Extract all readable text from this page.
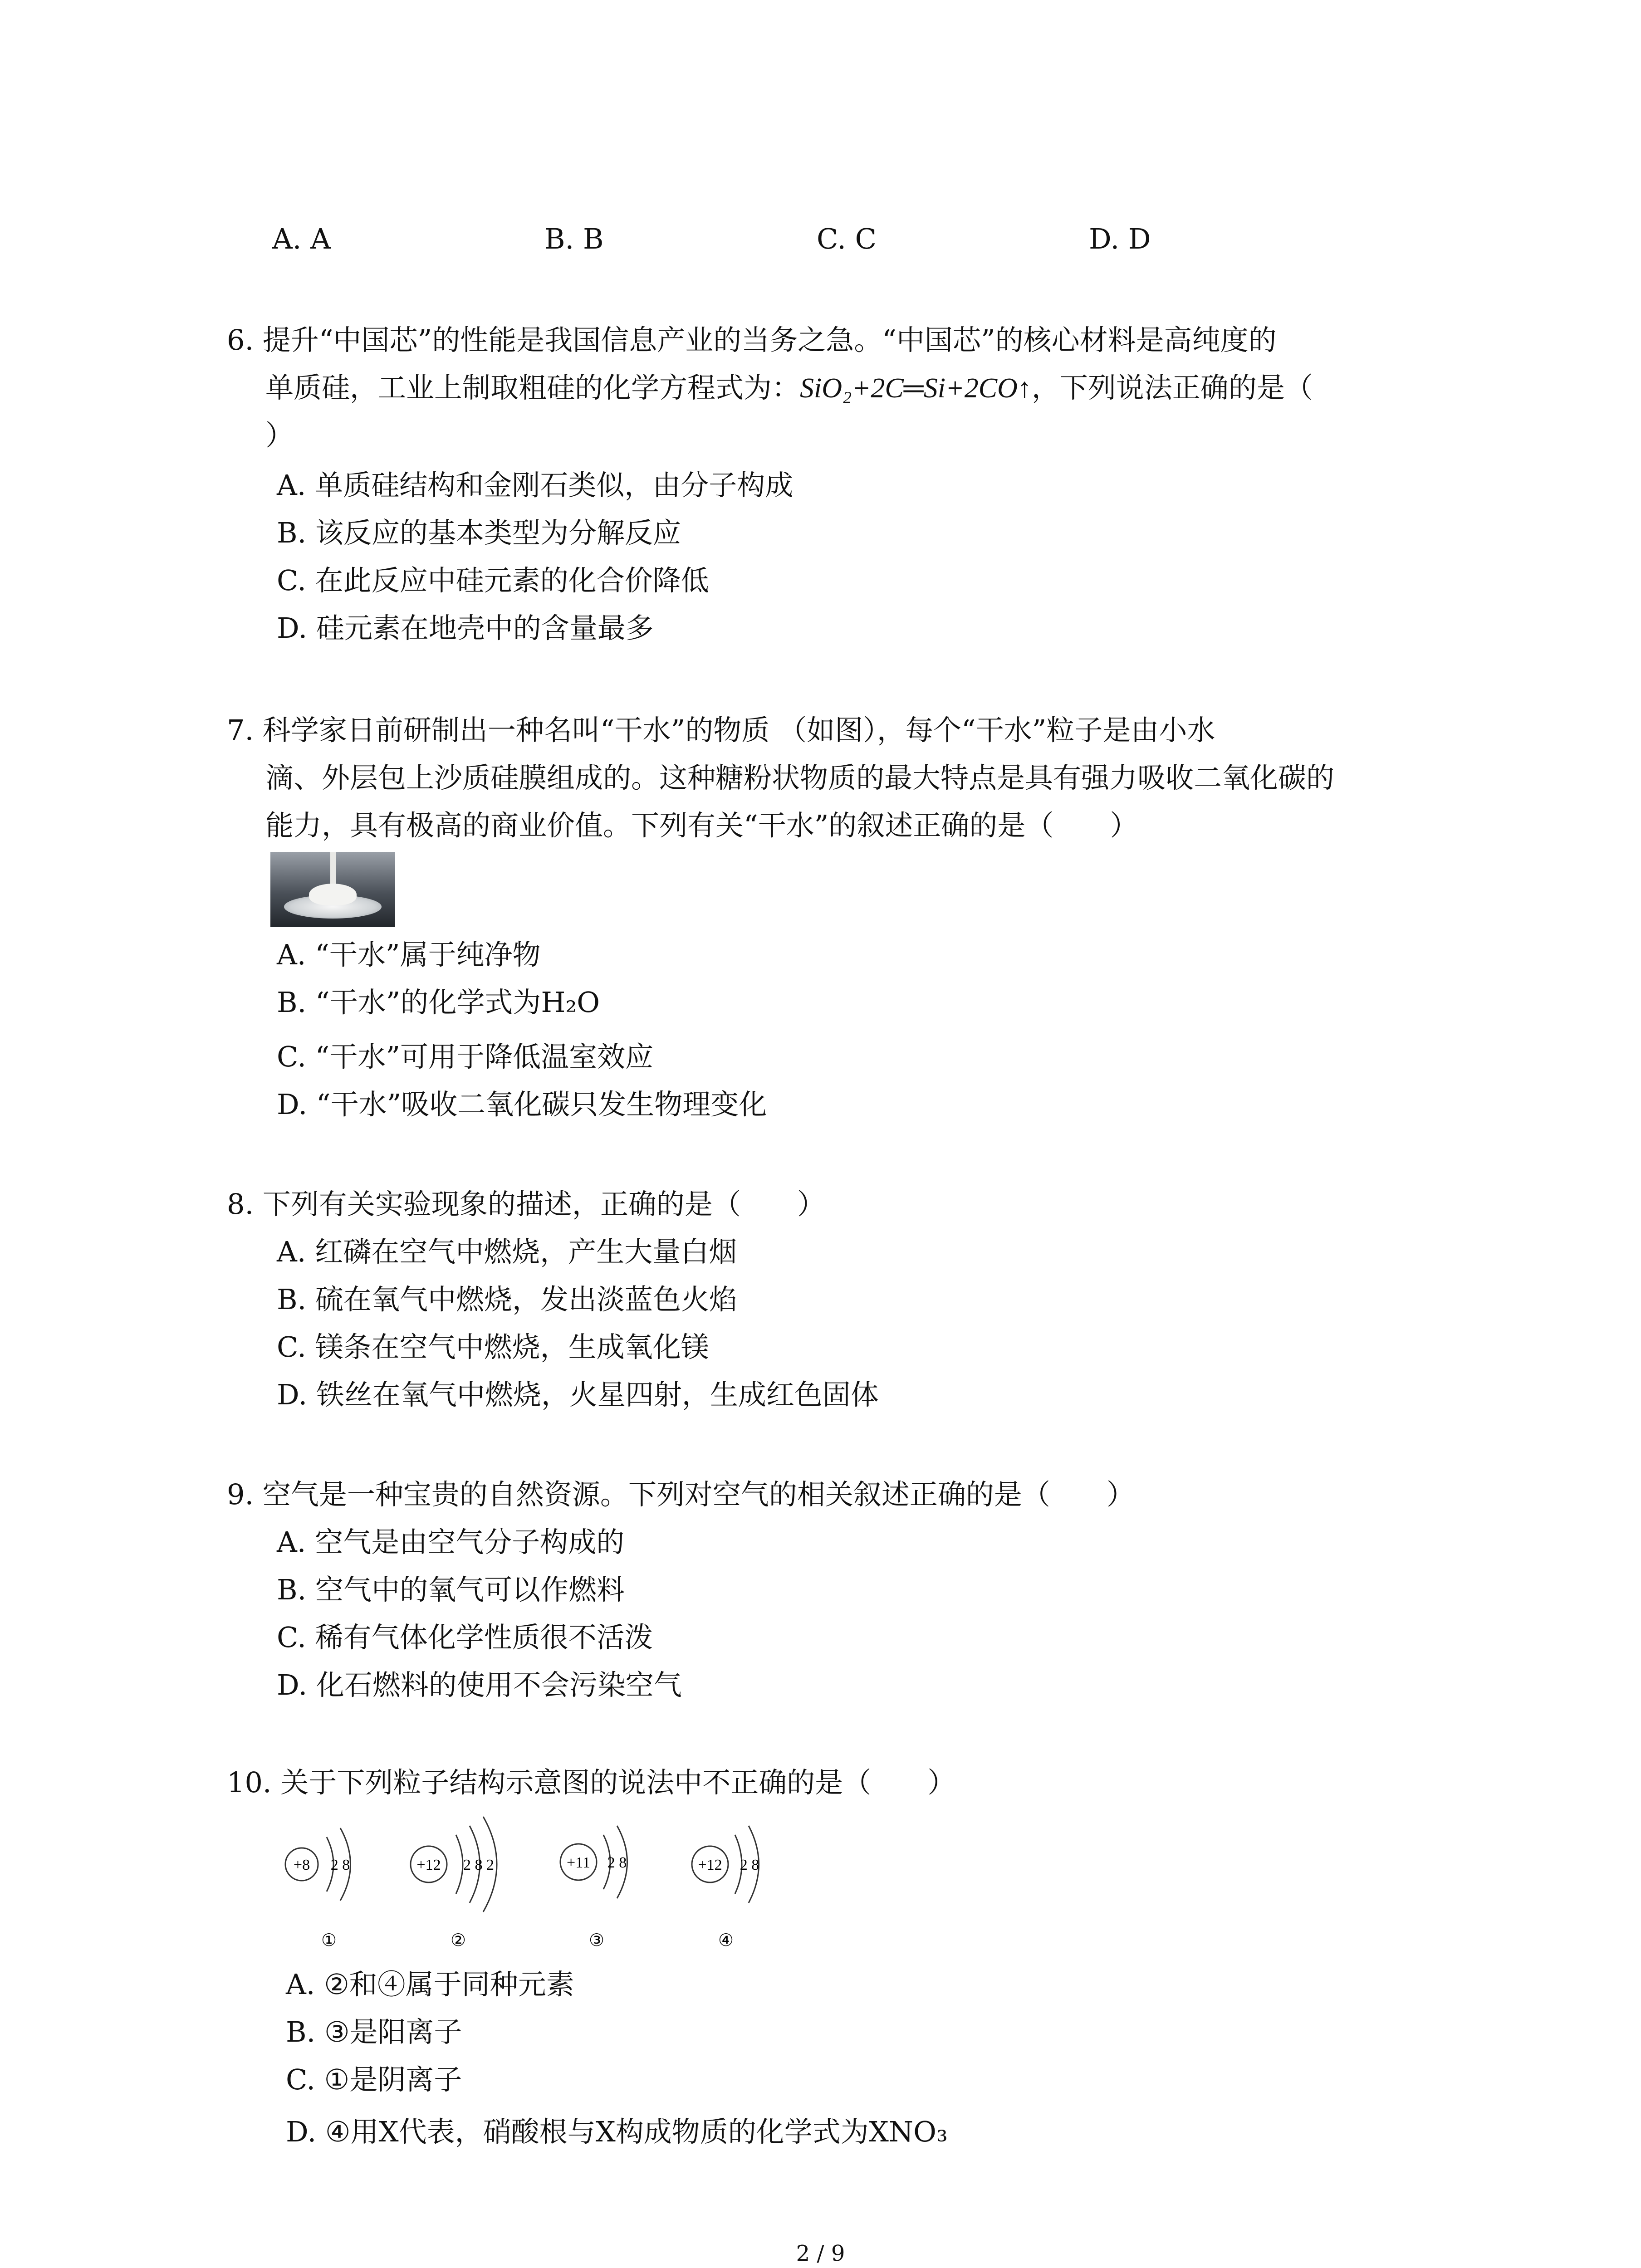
A. A	B. B	C. C	D. D
6. 提升“中国芯”的性能是我国信息产业的当务之急。“中国芯”的核心材料是高纯度的
单质硅，工业上制取粗硅的化学方程式为：SiO₂+2C═Si+2CO↑，下列说法正确的是（
）
A. 单质硅结构和金刚石类似，由分子构成
B. 该反应的基本类型为分解反应
C. 在此反应中硅元素的化合价降低
D. 硅元素在地壳中的含量最多
7. 科学家日前研制出一种名叫“干水”的物质 （如图），每个“干水”粒子是由小水
滴、外层包上沙质硅膜组成的。这种糖粉状物质的最大特点是具有强力吸收二氧化碳的
能力，具有极高的商业价值。下列有关“干水”的叙述正确的是（　　）
A. “干水”属于纯净物
B. “干水”的化学式为H₂O
C. “干水”可用于降低温室效应
D. “干水”吸收二氧化碳只发生物理变化
8. 下列有关实验现象的描述，正确的是（　　）
A. 红磷在空气中燃烧，产生大量白烟
B. 硫在氧气中燃烧，发出淡蓝色火焰
C. 镁条在空气中燃烧，生成氧化镁
D. 铁丝在氧气中燃烧，火星四射，生成红色固体
9. 空气是一种宝贵的自然资源。下列对空气的相关叙述正确的是（　　）
A. 空气是由空气分子构成的
B. 空气中的氧气可以作燃料
C. 稀有气体化学性质很不活泼
D. 化石燃料的使用不会污染空气
10. 关于下列粒子结构示意图的说法中不正确的是（　　）
+8 2 8
①
+12 2 8 2
②
+11 2 8
③
+12 2 8
④
A. ②和④属于同种元素
B. ③是阳离子
C. ①是阴离子
D. ④用X代表，硝酸根与X构成物质的化学式为XNO₃
2 / 9
